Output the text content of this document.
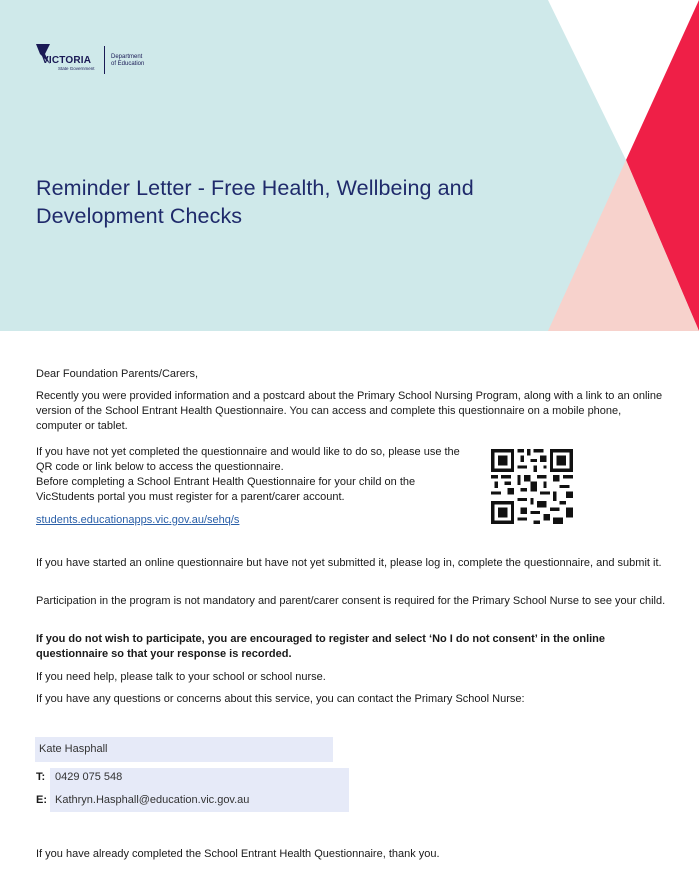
VICTORIA
State Government
Department
of Education
Reminder Letter - Free Health, Wellbeing and Development Checks

Dear Foundation Parents/Carers,

Recently you were provided information and a postcard about the Primary School Nursing Program, along with a link to an online version of the School Entrant Health Questionnaire. You can access and complete this questionnaire on a mobile phone, computer or tablet.

If you have not yet completed the questionnaire and would like to do so, please use the QR code or link below to access the questionnaire.

Before completing a School Entrant Health Questionnaire for your child on the VicStudents portal you must register for a parent/carer account.

students.educationapps.vic.gov.au/sehq/s

If you have started an online questionnaire but have not yet submitted it, please log in, complete the questionnaire, and submit it.

Participation in the program is not mandatory and parent/carer consent is required for the Primary School Nurse to see your child.

If you do not wish to participate, you are encouraged to register and select ‘No I do not consent’ in the online questionnaire so that your response is recorded.

If you need help, please talk to your school or school nurse.

If you have any questions or concerns about this service, you can contact the Primary School Nurse:

If you have already completed the School Entrant Health Questionnaire, thank you.

Kate Hasphall
T: 0429 075 548
E: Kathryn.Hasphall@education.vic.gov.au
